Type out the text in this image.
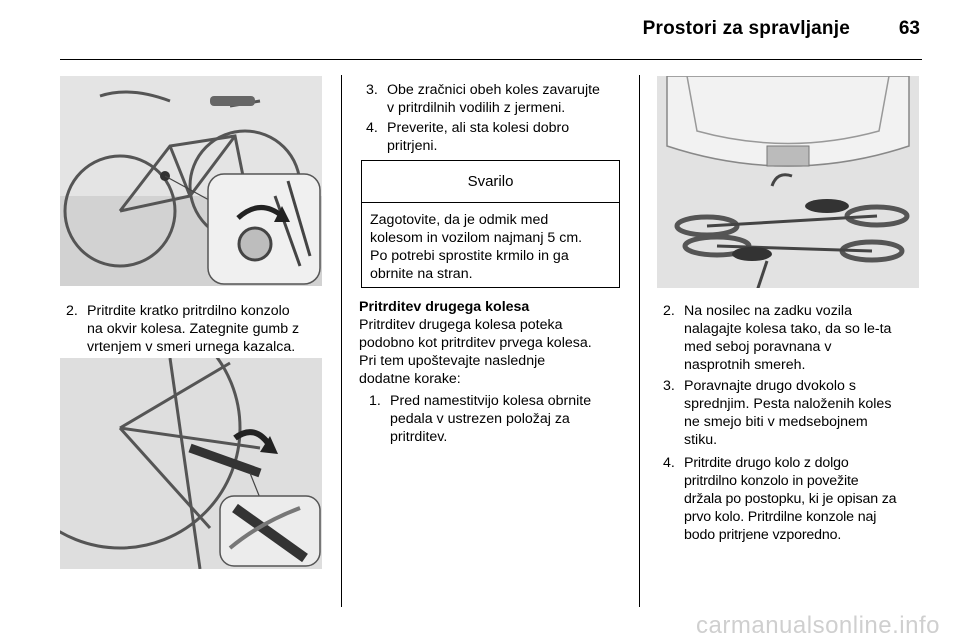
Prostori za spravljanje	63
2. Pritrdite kratko pritrdilno konzolo
na okvir kolesa. Zategnite gumb z
vrtenjem v smeri urnega kazalca.
3. Obe zračnici obeh koles zavarujte
v pritrdilnih vodilih z jermeni.
4. Preverite, ali sta kolesi dobro
pritrjeni.
Svarilo
Zagotovite, da je odmik med
kolesom in vozilom najmanj 5 cm.
Po potrebi sprostite krmilo in ga
obrnite na stran.
Pritrditev drugega kolesa
Pritrditev drugega kolesa poteka
podobno kot pritrditev prvega kolesa.
Pri tem upoštevajte naslednje
dodatne korake:
1. Pred namestitvijo kolesa obrnite
pedala v ustrezen položaj za
pritrditev.
2. Na nosilec na zadku vozila
nalagajte kolesa tako, da so le-ta
med seboj poravnana v
nasprotnih smereh.
3. Poravnajte drugo dvokolo s
sprednjim. Pesta naloženih koles
ne smejo biti v medsebojnem
stiku.
4. Pritrdite drugo kolo z dolgo
pritrdilno konzolo in povežite
držala po postopku, ki je opisan za
prvo kolo. Pritrdilne konzole naj
bodo pritrjene vzporedno.
carmanualsonline.info
